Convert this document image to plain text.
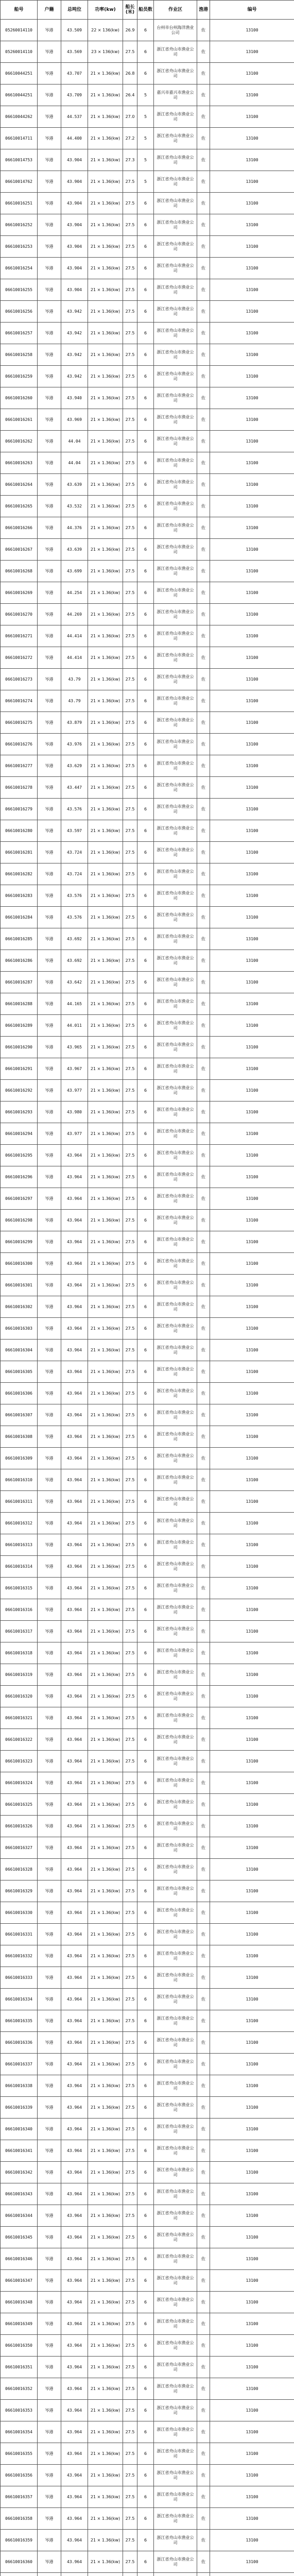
船号	户籍	总吨位	功率(kw)	船长(米)	船员数	作业区	渔港	编号
05260014110	岑港	43.509	22 × 136(kw)	26.9	6	台州市台州海洋渔业公司	佐	13100
05260014110	岑港	43.569	23 × 136(kw)	27.5	6	浙江省舟山市渔业公司	佐	13100
06610044251	岑港	43.707	21 × 1.36(kw)	26.8	6	浙江省舟山市渔业公司	佐	13100
06610044251	岑港	43.709	21 × 1.36(kw)	26.4	5	嘉兴市嘉兴市渔业公司	佐	13100
06610044262	岑港	44.537	21 × 1.36(kw)	27.0	5	浙江省舟山市渔业公司	佐	13100
06610014711	岑港	44.400	21 × 1.36(kw)	27.2	5	浙江省舟山市渔业公司	佐	13100
06610014753	岑港	43.904	21 × 1.36(kw)	27.3	5	浙江省舟山市渔业公司	佐	13100
06610014762	岑港	43.904	21 × 1.36(kw)	27.5	5	浙江省舟山市渔业公司	佐	13100
06610016251	岑港	43.904	21 × 1.36(kw)	27.5	6	浙江省舟山市渔业公司	佐	13100
06610016252	岑港	43.904	21 × 1.36(kw)	27.5	6	浙江省舟山市渔业公司	佐	13100
06610016253	岑港	43.904	21 × 1.36(kw)	27.5	6	浙江省舟山市渔业公司	佐	13100
06610016254	岑港	43.904	21 × 1.36(kw)	27.5	6	浙江省舟山市渔业公司	佐	13100
06610016255	岑港	43.904	21 × 1.36(kw)	27.5	6	浙江省舟山市渔业公司	佐	13100
06610016256	岑港	43.942	21 × 1.36(kw)	27.5	6	浙江省舟山市渔业公司	佐	13100
06610016257	岑港	43.942	21 × 1.36(kw)	27.5	6	浙江省舟山市渔业公司	佐	13100
06610016258	岑港	43.942	21 × 1.36(kw)	27.5	6	浙江省舟山市渔业公司	佐	13100
06610016259	岑港	43.942	21 × 1.36(kw)	27.5	6	浙江省舟山市渔业公司	佐	13100
06610016260	岑港	43.940	21 × 1.36(kw)	27.5	6	浙江省舟山市渔业公司	佐	13100
06610016261	岑港	43.969	21 × 1.36(kw)	27.5	6	浙江省舟山市渔业公司	佐	13100
06610016262	岑港	44.04	21 × 1.36(kw)	27.5	6	浙江省舟山市渔业公司	佐	13100
06610016263	岑港	44.04	21 × 1.36(kw)	27.5	6	浙江省舟山市渔业公司	佐	13100
06610016264	岑港	43.639	21 × 1.36(kw)	27.5	6	浙江省舟山市渔业公司	佐	13100
06610016265	岑港	43.532	21 × 1.36(kw)	27.5	6	浙江省舟山市渔业公司	佐	13100
06610016266	岑港	44.376	21 × 1.36(kw)	27.5	6	浙江省舟山市渔业公司	佐	13100
06610016267	岑港	43.639	21 × 1.36(kw)	27.5	6	浙江省舟山市渔业公司	佐	13100
06610016268	岑港	43.699	21 × 1.36(kw)	27.5	6	浙江省舟山市渔业公司	佐	13100
06610016269	岑港	44.254	21 × 1.36(kw)	27.5	6	浙江省舟山市渔业公司	佐	13100
06610016270	岑港	44.269	21 × 1.36(kw)	27.5	6	浙江省舟山市渔业公司	佐	13100
06610016271	岑港	44.414	21 × 1.36(kw)	27.5	6	浙江省舟山市渔业公司	佐	13100
06610016272	岑港	44.414	21 × 1.36(kw)	27.5	6	浙江省舟山市渔业公司	佐	13100
06610016273	岑港	43.79	21 × 1.36(kw)	27.5	6	浙江省舟山市渔业公司	佐	13100
06610016274	岑港	43.79	21 × 1.36(kw)	27.5	6	浙江省舟山市渔业公司	佐	13100
06610016275	岑港	43.879	21 × 1.36(kw)	27.5	6	浙江省舟山市渔业公司	佐	13100
06610016276	岑港	43.976	21 × 1.36(kw)	27.5	6	浙江省舟山市渔业公司	佐	13100
06610016277	岑港	43.629	21 × 1.36(kw)	27.5	6	浙江省舟山市渔业公司	佐	13100
06610016278	岑港	43.447	21 × 1.36(kw)	27.5	6	浙江省舟山市渔业公司	佐	13100
06610016279	岑港	43.576	21 × 1.36(kw)	27.5	6	浙江省舟山市渔业公司	佐	13100
06610016280	岑港	43.597	21 × 1.36(kw)	27.5	6	浙江省舟山市渔业公司	佐	13100
06610016281	岑港	43.724	21 × 1.36(kw)	27.5	6	浙江省舟山市渔业公司	佐	13100
06610016282	岑港	43.724	21 × 1.36(kw)	27.5	6	浙江省舟山市渔业公司	佐	13100
06610016283	岑港	43.576	21 × 1.36(kw)	27.5	6	浙江省舟山市渔业公司	佐	13100
06610016284	岑港	43.576	21 × 1.36(kw)	27.5	6	浙江省舟山市渔业公司	佐	13100
06610016285	岑港	43.692	21 × 1.36(kw)	27.5	6	浙江省舟山市渔业公司	佐	13100
06610016286	岑港	43.692	21 × 1.36(kw)	27.5	6	浙江省舟山市渔业公司	佐	13100
06610016287	岑港	43.642	21 × 1.36(kw)	27.5	6	浙江省舟山市渔业公司	佐	13100
06610016288	岑港	44.165	21 × 1.36(kw)	27.5	6	浙江省舟山市渔业公司	佐	13100
06610016289	岑港	44.011	21 × 1.36(kw)	27.5	6	浙江省舟山市渔业公司	佐	13100
06610016290	岑港	43.965	21 × 1.36(kw)	27.5	6	浙江省舟山市渔业公司	佐	13100
06610016291	岑港	43.967	21 × 1.36(kw)	27.5	6	浙江省舟山市渔业公司	佐	13100
06610016292	岑港	43.977	21 × 1.36(kw)	27.5	6	浙江省舟山市渔业公司	佐	13100
06610016293	岑港	43.980	21 × 1.36(kw)	27.5	6	浙江省舟山市渔业公司	佐	13100
06610016294	岑港	43.977	21 × 1.36(kw)	27.5	6	浙江省舟山市渔业公司	佐	13100
06610016295	岑港	43.964	21 × 1.36(kw)	27.5	6	浙江省舟山市渔业公司	佐	13100
06610016296	岑港	43.964	21 × 1.36(kw)	27.5	6	浙江省舟山市渔业公司	佐	13100
06610016297	岑港	43.964	21 × 1.36(kw)	27.5	6	浙江省舟山市渔业公司	佐	13100
06610016298	岑港	43.964	21 × 1.36(kw)	27.5	6	浙江省舟山市渔业公司	佐	13100
06610016299	岑港	43.964	21 × 1.36(kw)	27.5	6	浙江省舟山市渔业公司	佐	13100
06610016300	岑港	43.964	21 × 1.36(kw)	27.5	6	浙江省舟山市渔业公司	佐	13100
06610016301	岑港	43.964	21 × 1.36(kw)	27.5	6	浙江省舟山市渔业公司	佐	13100
06610016302	岑港	43.964	21 × 1.36(kw)	27.5	6	浙江省舟山市渔业公司	佐	13100
06610016303	岑港	43.964	21 × 1.36(kw)	27.5	6	浙江省舟山市渔业公司	佐	13100
06610016304	岑港	43.964	21 × 1.36(kw)	27.5	6	浙江省舟山市渔业公司	佐	13100
06610016305	岑港	43.964	21 × 1.36(kw)	27.5	6	浙江省舟山市渔业公司	佐	13100
06610016306	岑港	43.964	21 × 1.36(kw)	27.5	6	浙江省舟山市渔业公司	佐	13100
06610016307	岑港	43.964	21 × 1.36(kw)	27.5	6	浙江省舟山市渔业公司	佐	13100
06610016308	岑港	43.964	21 × 1.36(kw)	27.5	6	浙江省舟山市渔业公司	佐	13100
06610016309	岑港	43.964	21 × 1.36(kw)	27.5	6	浙江省舟山市渔业公司	佐	13100
06610016310	岑港	43.964	21 × 1.36(kw)	27.5	6	浙江省舟山市渔业公司	佐	13100
06610016311	岑港	43.964	21 × 1.36(kw)	27.5	6	浙江省舟山市渔业公司	佐	13100
06610016312	岑港	43.964	21 × 1.36(kw)	27.5	6	浙江省舟山市渔业公司	佐	13100
06610016313	岑港	43.964	21 × 1.36(kw)	27.5	6	浙江省舟山市渔业公司	佐	13100
06610016314	岑港	43.964	21 × 1.36(kw)	27.5	6	浙江省舟山市渔业公司	佐	13100
06610016315	岑港	43.964	21 × 1.36(kw)	27.5	6	浙江省舟山市渔业公司	佐	13100
06610016316	岑港	43.964	21 × 1.36(kw)	27.5	6	浙江省舟山市渔业公司	佐	13100
06610016317	岑港	43.964	21 × 1.36(kw)	27.5	6	浙江省舟山市渔业公司	佐	13100
06610016318	岑港	43.964	21 × 1.36(kw)	27.5	6	浙江省舟山市渔业公司	佐	13100
06610016319	岑港	43.964	21 × 1.36(kw)	27.5	6	浙江省舟山市渔业公司	佐	13100
06610016320	岑港	43.964	21 × 1.36(kw)	27.5	6	浙江省舟山市渔业公司	佐	13100
06610016321	岑港	43.964	21 × 1.36(kw)	27.5	6	浙江省舟山市渔业公司	佐	13100
06610016322	岑港	43.964	21 × 1.36(kw)	27.5	6	浙江省舟山市渔业公司	佐	13100
06610016323	岑港	43.964	21 × 1.36(kw)	27.5	6	浙江省舟山市渔业公司	佐	13100
06610016324	岑港	43.964	21 × 1.36(kw)	27.5	6	浙江省舟山市渔业公司	佐	13100
06610016325	岑港	43.964	21 × 1.36(kw)	27.5	6	浙江省舟山市渔业公司	佐	13100
06610016326	岑港	43.964	21 × 1.36(kw)	27.5	6	浙江省舟山市渔业公司	佐	13100
06610016327	岑港	43.964	21 × 1.36(kw)	27.5	6	浙江省舟山市渔业公司	佐	13100
06610016328	岑港	43.964	21 × 1.36(kw)	27.5	6	浙江省舟山市渔业公司	佐	13100
06610016329	岑港	43.964	21 × 1.36(kw)	27.5	6	浙江省舟山市渔业公司	佐	13100
06610016330	岑港	43.964	21 × 1.36(kw)	27.5	6	浙江省舟山市渔业公司	佐	13100
06610016331	岑港	43.964	21 × 1.36(kw)	27.5	6	浙江省舟山市渔业公司	佐	13100
06610016332	岑港	43.964	21 × 1.36(kw)	27.5	6	浙江省舟山市渔业公司	佐	13100
06610016333	岑港	43.964	21 × 1.36(kw)	27.5	6	浙江省舟山市渔业公司	佐	13100
06610016334	岑港	43.964	21 × 1.36(kw)	27.5	6	浙江省舟山市渔业公司	佐	13100
06610016335	岑港	43.964	21 × 1.36(kw)	27.5	6	浙江省舟山市渔业公司	佐	13100
06610016336	岑港	43.964	21 × 1.36(kw)	27.5	6	浙江省舟山市渔业公司	佐	13100
06610016337	岑港	43.964	21 × 1.36(kw)	27.5	6	浙江省舟山市渔业公司	佐	13100
06610016338	岑港	43.964	21 × 1.36(kw)	27.5	6	浙江省舟山市渔业公司	佐	13100
06610016339	岑港	43.964	21 × 1.36(kw)	27.5	6	浙江省舟山市渔业公司	佐	13100
06610016340	岑港	43.964	21 × 1.36(kw)	27.5	6	浙江省舟山市渔业公司	佐	13100
06610016341	岑港	43.964	21 × 1.36(kw)	27.5	6	浙江省舟山市渔业公司	佐	13100
06610016342	岑港	43.964	21 × 1.36(kw)	27.5	6	浙江省舟山市渔业公司	佐	13100
06610016343	岑港	43.964	21 × 1.36(kw)	27.5	6	浙江省舟山市渔业公司	佐	13100
06610016344	岑港	43.964	21 × 1.36(kw)	27.5	6	浙江省舟山市渔业公司	佐	13100
06610016345	岑港	43.964	21 × 1.36(kw)	27.5	6	浙江省舟山市渔业公司	佐	13100
06610016346	岑港	43.964	21 × 1.36(kw)	27.5	6	浙江省舟山市渔业公司	佐	13100
06610016347	岑港	43.964	21 × 1.36(kw)	27.5	6	浙江省舟山市渔业公司	佐	13100
06610016348	岑港	43.964	21 × 1.36(kw)	27.5	6	浙江省舟山市渔业公司	佐	13100
06610016349	岑港	43.964	21 × 1.36(kw)	27.5	6	浙江省舟山市渔业公司	佐	13100
06610016350	岑港	43.964	21 × 1.36(kw)	27.5	6	浙江省舟山市渔业公司	佐	13100
06610016351	岑港	43.964	21 × 1.36(kw)	27.5	6	浙江省舟山市渔业公司	佐	13100
06610016352	岑港	43.964	21 × 1.36(kw)	27.5	6	浙江省舟山市渔业公司	佐	13100
06610016353	岑港	43.964	21 × 1.36(kw)	27.5	6	浙江省舟山市渔业公司	佐	13100
06610016354	岑港	43.964	21 × 1.36(kw)	27.5	6	浙江省舟山市渔业公司	佐	13100
06610016355	岑港	43.964	21 × 1.36(kw)	27.5	6	浙江省舟山市渔业公司	佐	13100
06610016356	岑港	43.964	21 × 1.36(kw)	27.5	6	浙江省舟山市渔业公司	佐	13100
06610016357	岑港	43.964	21 × 1.36(kw)	27.5	6	浙江省舟山市渔业公司	佐	13100
06610016358	岑港	43.964	21 × 1.36(kw)	27.5	6	浙江省舟山市渔业公司	佐	13100
06610016359	岑港	43.964	21 × 1.36(kw)	27.5	6	浙江省舟山市渔业公司	佐	13100
06610016360	岑港	43.964	21 × 1.36(kw)	27.5	6	浙江省舟山市渔业公司	佐	13100
